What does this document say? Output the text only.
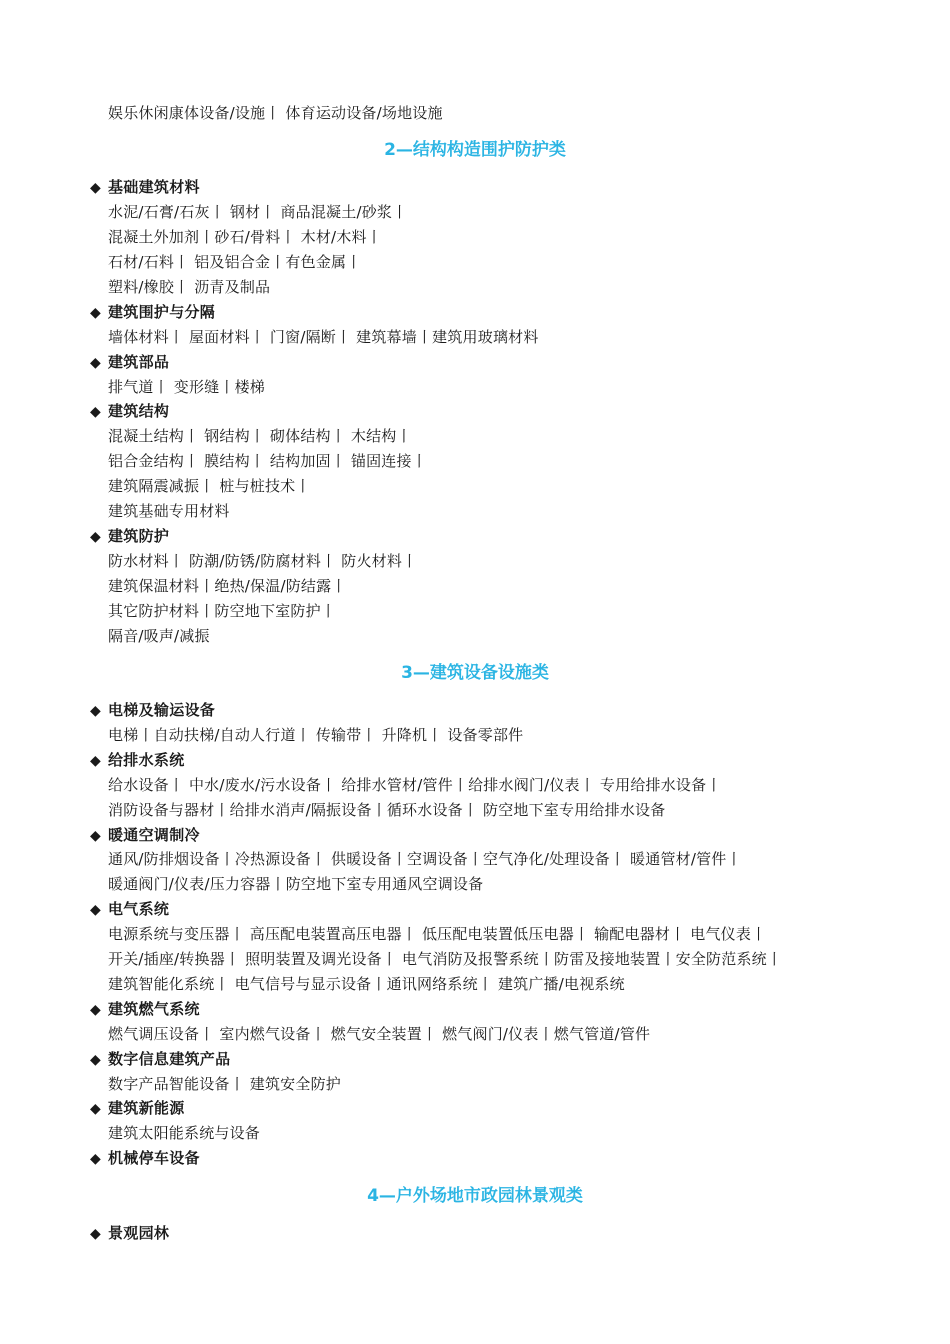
娱乐休闲康体设备/设施丨 体育运动设备/场地设施
2—结构构造围护防护类
◆ 基础建筑材料
水泥/石膏/石灰丨 钢材丨 商品混凝土/砂浆丨
混凝土外加剂丨砂石/骨料丨 木材/木料丨
石材/石料丨 铝及铝合金丨有色金属丨
塑料/橡胶丨 沥青及制品
◆ 建筑围护与分隔
墙体材料丨 屋面材料丨 门窗/隔断丨 建筑幕墙丨建筑用玻璃材料
◆ 建筑部品
排气道丨 变形缝丨楼梯
◆ 建筑结构
混凝土结构丨 钢结构丨 砌体结构丨 木结构丨
铝合金结构丨 膜结构丨 结构加固丨 锚固连接丨
建筑隔震减振丨 桩与桩技术丨
建筑基础专用材料
◆ 建筑防护
防水材料丨 防潮/防锈/防腐材料丨 防火材料丨
建筑保温材料丨绝热/保温/防结露丨
其它防护材料丨防空地下室防护丨
隔音/吸声/减振
3—建筑设备设施类
◆ 电梯及输运设备
电梯丨自动扶梯/自动人行道丨 传输带丨 升降机丨 设备零部件
◆ 给排水系统
给水设备丨 中水/废水/污水设备丨 给排水管材/管件丨给排水阀门/仪表丨 专用给排水设备丨
消防设备与器材丨给排水消声/隔振设备丨循环水设备丨 防空地下室专用给排水设备
◆ 暖通空调制冷
通风/防排烟设备丨冷热源设备丨 供暖设备丨空调设备丨空气净化/处理设备丨 暖通管材/管件丨
暖通阀门/仪表/压力容器丨防空地下室专用通风空调设备
◆ 电气系统
电源系统与变压器丨 高压配电装置高压电器丨 低压配电装置低压电器丨 输配电器材丨 电气仪表丨
开关/插座/转换器丨 照明装置及调光设备丨 电气消防及报警系统丨防雷及接地装置丨安全防范系统丨
建筑智能化系统丨 电气信号与显示设备丨通讯网络系统丨 建筑广播/电视系统
◆ 建筑燃气系统
燃气调压设备丨 室内燃气设备丨 燃气安全装置丨 燃气阀门/仪表丨燃气管道/管件
◆ 数字信息建筑产品
数字产品智能设备丨 建筑安全防护
◆ 建筑新能源
建筑太阳能系统与设备
◆ 机械停车设备
4—户外场地市政园林景观类
◆ 景观园林
